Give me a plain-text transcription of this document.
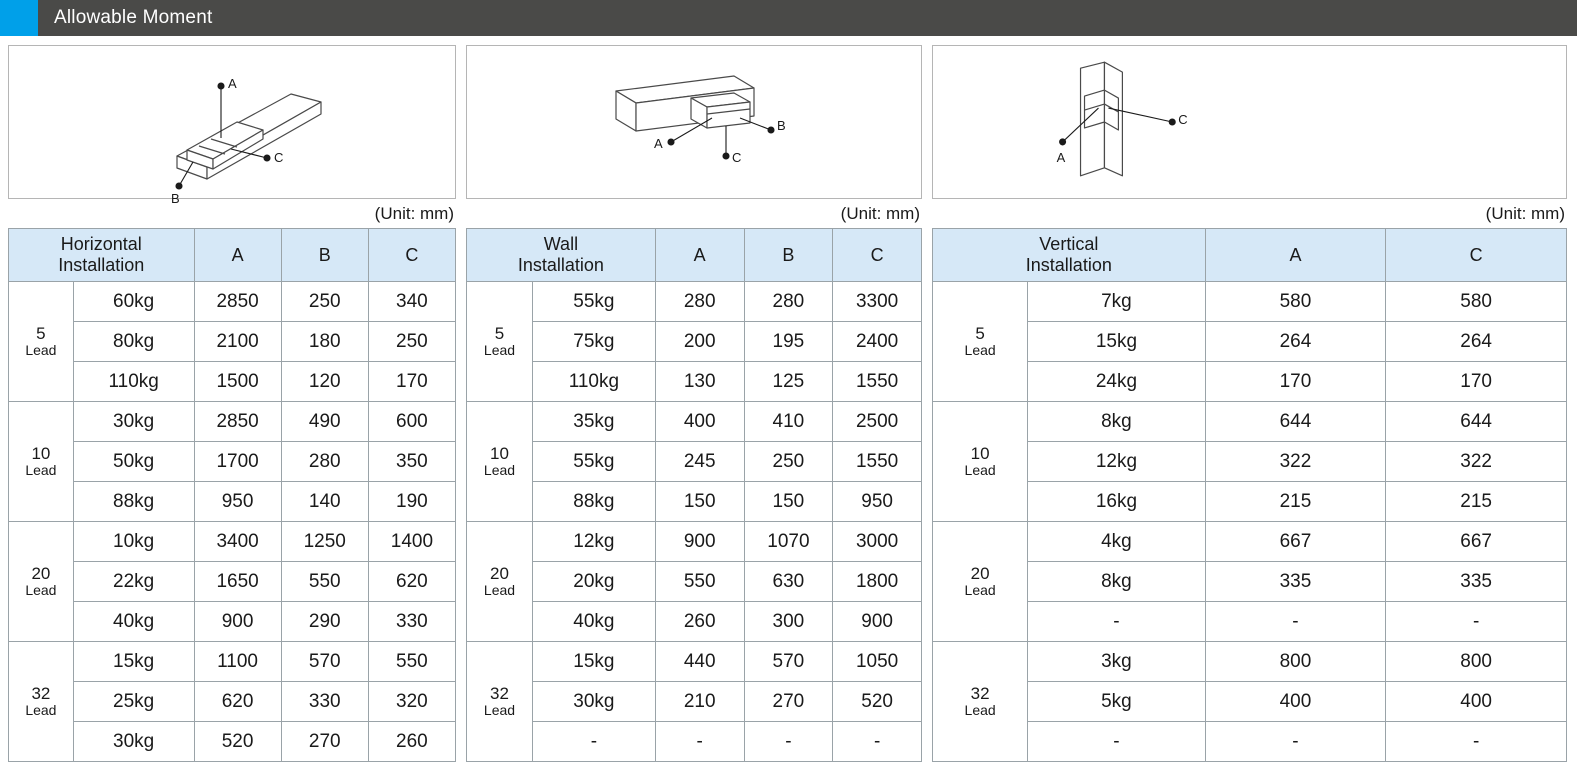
Allowable Moment
A
C
B
(Unit: mm)
Horizontal
Installation		A	B	C

5
Lead	60kg	2850	250	340
	80kg	2100	180	250
	110kg	1500	120	170

10
Lead	30kg	2850	490	600
	50kg	1700	280	350
	88kg	950	140	190

20
Lead	10kg	3400	1250	1400
	22kg	1650	550	620
	40kg	900	290	330

32
Lead	15kg	1100	570	550
	25kg	620	330	320
	30kg	520	270	260
A
B
C
(Unit: mm)
Wall
Installation		A	B	C

5
Lead	55kg	280	280	3300
	75kg	200	195	2400
	110kg	130	125	1550

10
Lead	35kg	400	410	2500
	55kg	245	250	1550
	88kg	150	150	950

20
Lead	12kg	900	1070	3000
	20kg	550	630	1800
	40kg	260	300	900

32
Lead	15kg	440	570	1050
	30kg	210	270	520
	-	-	-	-
A
C
(Unit: mm)
Vertical
Installation		A	C

5
Lead	7kg	580	580
	15kg	264	264
	24kg	170	170

10
Lead	8kg	644	644
	12kg	322	322
	16kg	215	215

20
Lead	4kg	667	667
	8kg	335	335
	-	-	-

32
Lead	3kg	800	800
	5kg	400	400
	-	-	-
